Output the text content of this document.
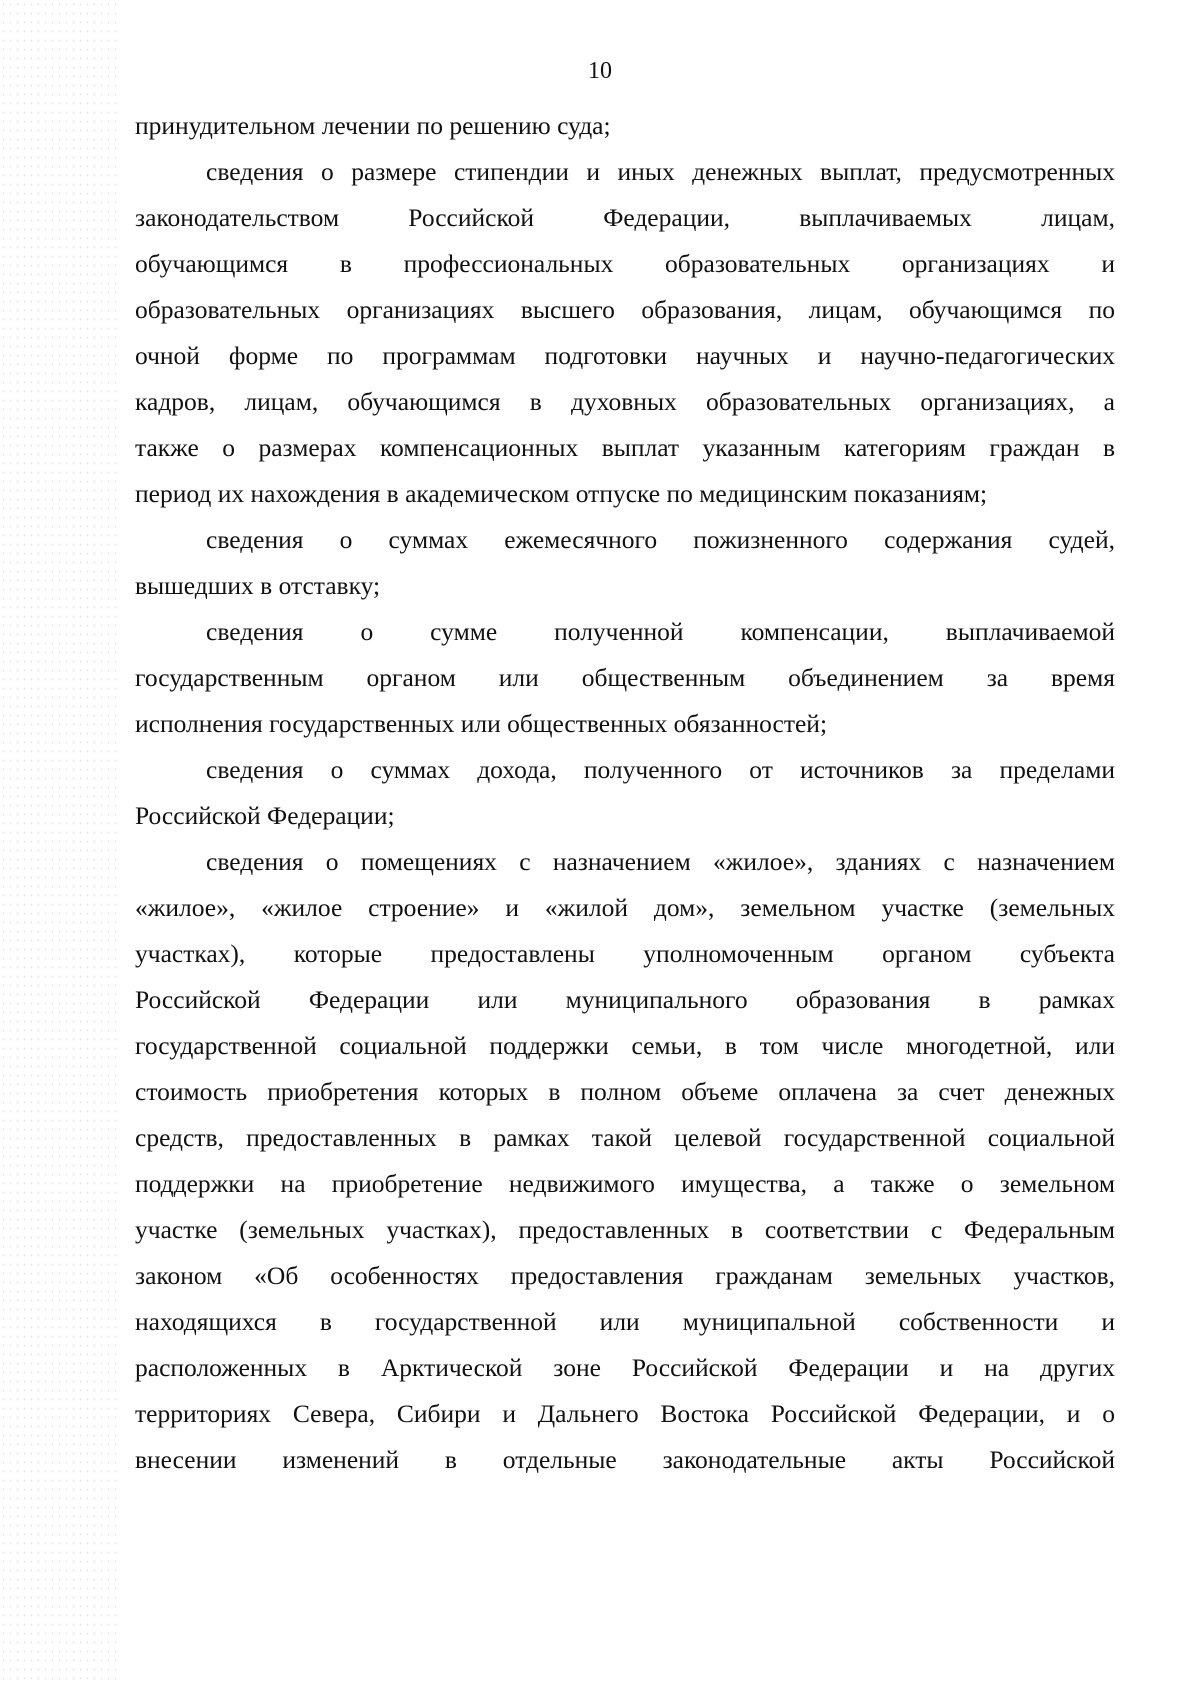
10
принудительном лечении по решению суда;
сведения о размере стипендии и иных денежных выплат, предусмотренных
законодательством Российской Федерации, выплачиваемых лицам,
обучающимся в профессиональных образовательных организациях и
образовательных организациях высшего образования, лицам, обучающимся по
очной форме по программам подготовки научных и научно-педагогических
кадров, лицам, обучающимся в духовных образовательных организациях, а
также о размерах компенсационных выплат указанным категориям граждан в
период их нахождения в академическом отпуске по медицинским показаниям;
сведения о суммах ежемесячного пожизненного содержания судей,
вышедших в отставку;
сведения о сумме полученной компенсации, выплачиваемой
государственным органом или общественным объединением за время
исполнения государственных или общественных обязанностей;
сведения о суммах дохода, полученного от источников за пределами
Российской Федерации;
сведения о помещениях с назначением «жилое», зданиях с назначением
«жилое», «жилое строение» и «жилой дом», земельном участке (земельных
участках), которые предоставлены уполномоченным органом субъекта
Российской Федерации или муниципального образования в рамках
государственной социальной поддержки семьи, в том числе многодетной, или
стоимость приобретения которых в полном объеме оплачена за счет денежных
средств, предоставленных в рамках такой целевой государственной социальной
поддержки на приобретение недвижимого имущества, а также о земельном
участке (земельных участках), предоставленных в соответствии с Федеральным
законом «Об особенностях предоставления гражданам земельных участков,
находящихся в государственной или муниципальной собственности и
расположенных в Арктической зоне Российской Федерации и на других
территориях Севера, Сибири и Дальнего Востока Российской Федерации, и о
внесении изменений в отдельные законодательные акты Российской
